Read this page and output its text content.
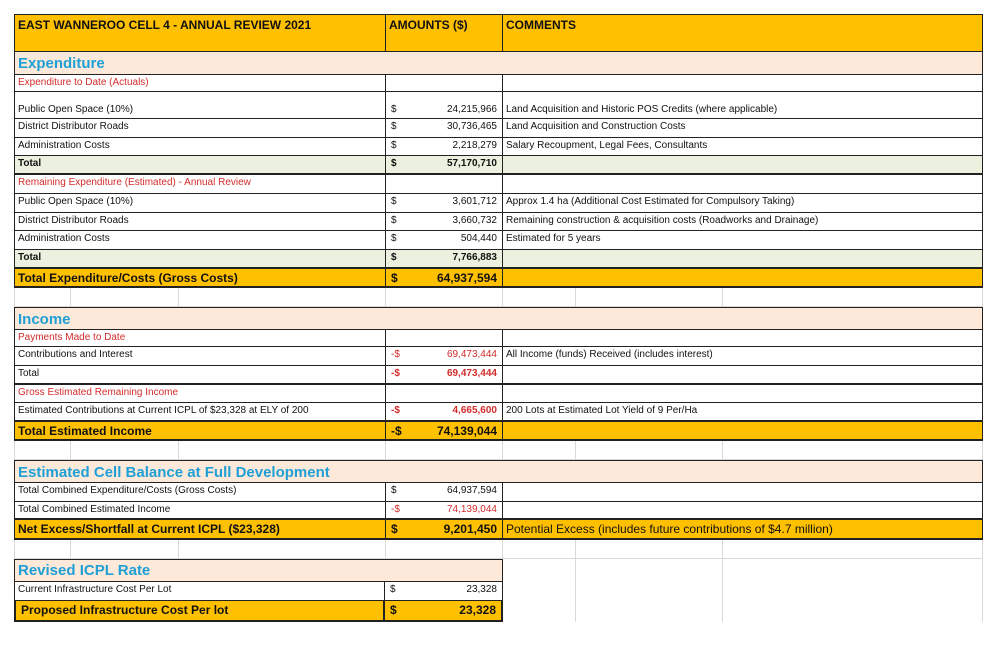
EAST WANNEROO CELL 4 - ANNUAL REVIEW 2021	AMOUNTS ($)	COMMENTS
Expenditure
Expenditure to Date (Actuals)
Public Open Space (10%)	$	24,215,966 Land Acquisition and Historic POS Credits (where applicable)
District Distributor Roads	$	30,736,465 Land Acquisition and Construction Costs
Administration Costs	$	2,218,279 Salary Recoupment, Legal Fees, Consultants
Total	$	57,170,710
Remaining Expenditure (Estimated) - Annual Review
Public Open Space (10%)	$	3,601,712 Approx 1.4 ha (Additional Cost Estimated for Compulsory Taking)
District Distributor Roads	$	3,660,732 Remaining construction & acquisition costs (Roadworks and Drainage)
Administration Costs	$	504,440 Estimated for 5 years
Total	$	7,766,883
Total Expenditure/Costs (Gross Costs)	$	64,937,594
Income
Payments Made to Date
Contributions and Interest	-$	69,473,444 All Income (funds) Received (includes interest)
Total	-$	69,473,444
Gross Estimated Remaining Income
Estimated Contributions at Current ICPL of $23,328 at ELY of 200	-$	4,665,600 200 Lots at Estimated Lot Yield of 9 Per/Ha
Total Estimated Income	-$	74,139,044
Estimated Cell Balance at Full Development
Total Combined Expenditure/Costs (Gross Costs)	$	64,937,594
Total Combined Estimated Income	-$	74,139,044
Net Excess/Shortfall at Current ICPL ($23,328)	$	9,201,450 Potential Excess (includes future contributions of $4.7 million)
Revised ICPL Rate
Current Infrastructure Cost Per Lot	$	23,328
Proposed Infrastructure Cost Per lot	$	23,328
